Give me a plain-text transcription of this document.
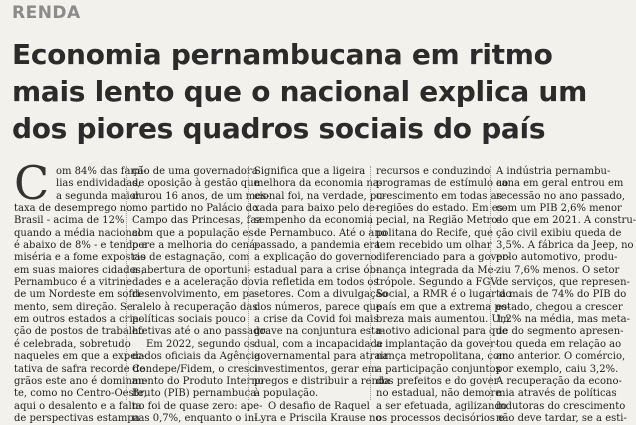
RENDA
Economia pernambucana em ritmo
mais lento que o nacional explica um
dos piores quadros sociais do país
C om 84% das famí-
lias endividadas,
a segunda maior
taxa de desemprego no
Brasil - acima de 12%
quando a média nacional
é abaixo de 8% - e tendo a
miséria e a fome expostas
em suas maiores cidades,
Pernambuco é a vitrine
de um Nordeste em sofri-
mento, sem direção. Se
em outros estados a cria-
ção de postos de trabalho
é celebrada, sobretudo
naqueles em que a expec-
tativa de safra recorde de
grãos este ano é dominan-
te, como no Centro-Oeste,
aqui o desalento e a falta
de perspectivas estampa
ção de uma governadora
de oposição à gestão que
durou 16 anos, de um mes-
mo partido no Palácio do
Campo das Princesas, faz
com que a população es-
pere a melhoria do cená-
rio de estagnação, com
a abertura de oportuni-
dades e a aceleração do
desenvolvimento, em pa-
ralelo à recuperação das
políticas sociais pouco
efetivas até o ano passado.
Em 2022, segundo os
dados oficiais da Agência
Condepe/Fidem, o cresci-
mento do Produto Interno
Bruto (PIB) pernambuca-
no foi de quase zero: ape-
nas 0,7%, enquanto o in-
Significa que a ligeira
melhora da economia na-
cional foi, na verdade, pu-
xada para baixo pelo de-
sempenho da economia
de Pernambuco. Até o ano
passado, a pandemia era
a explicação do governo
estadual para a crise ób-
via refletida em todos os
setores. Com a divulgação
dos números, parece que
a crise da Covid foi mais
grave na conjuntura esta-
dual, com a incapacidade
governamental para atrair
investimentos, gerar em-
pregos e distribuir a renda
à população.
O desafio de Raquel
Lyra e Priscila Krause no
recursos e conduzindo
programas de estímulo ao
crescimento em todas as
regiões do estado. Em es-
pecial, na Região Metro-
politana do Recife, que
tem recebido um olhar
diferenciado para a gover-
nança integrada da Me-
trópole. Segundo a FGV
Social, a RMR é o lugar do
país em que a extrema po-
breza mais aumentou. Um
motivo adicional para que
a implantação da gover-
nança metropolitana, com
a participação conjuntos
dos prefeitos e do gover-
no estadual, não demore
a ser efetuada, agilizando
os processos decisórios e
A indústria pernambu-
cana em geral entrou em
recessão no ano passado,
com um PIB 2,6% menor
do que em 2021. A constru-
ção civil exibiu queda de
3,5%. A fábrica da Jeep, no
polo automotivo, produ-
ziu 7,6% menos. O setor
de serviços, que represen-
ta mais de 74% do PIB do
estado, chegou a crescer
1,2% na média, mas meta-
de do segmento apresen-
tou queda em relação ao
ano anterior. O comércio,
por exemplo, caiu 3,2%.
A recuperação da econo-
mia através de políticas
indutoras do crescimento
não deve tardar, se a esti-
